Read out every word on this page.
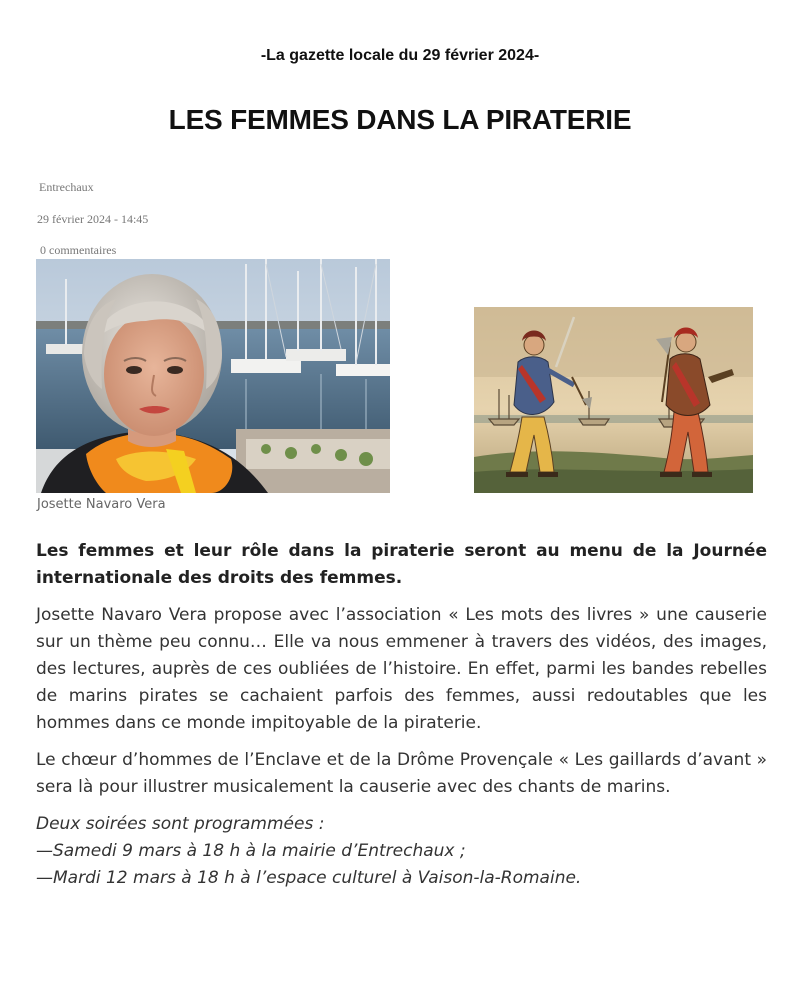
-La gazette locale du 29 février 2024-
LES FEMMES DANS LA PIRATERIE
Entrechaux
29 février 2024 - 14:45
0 commentaires
Josette Navaro Vera

Les femmes et leur rôle dans la piraterie seront au menu de la Journée internationale des droits des femmes.

Josette Navaro Vera propose avec l’association « Les mots des livres » une causerie sur un thème peu connu… Elle va nous emmener à travers des vidéos, des images, des lectures, auprès de ces oubliées de l’histoire. En effet, parmi les bandes rebelles de marins pirates se cachaient parfois des femmes, aussi redoutables que les hommes dans ce monde impitoyable de la piraterie.

Le chœur d’hommes de l’Enclave et de la Drôme Provençale « Les gaillards d’avant » sera là pour illustrer musicalement la causerie avec des chants de marins.

Deux soirées sont programmées :
—Samedi 9 mars à 18 h à la mairie d’Entrechaux ;
—Mardi 12 mars à 18 h à l’espace culturel à Vaison-la-Romaine.
